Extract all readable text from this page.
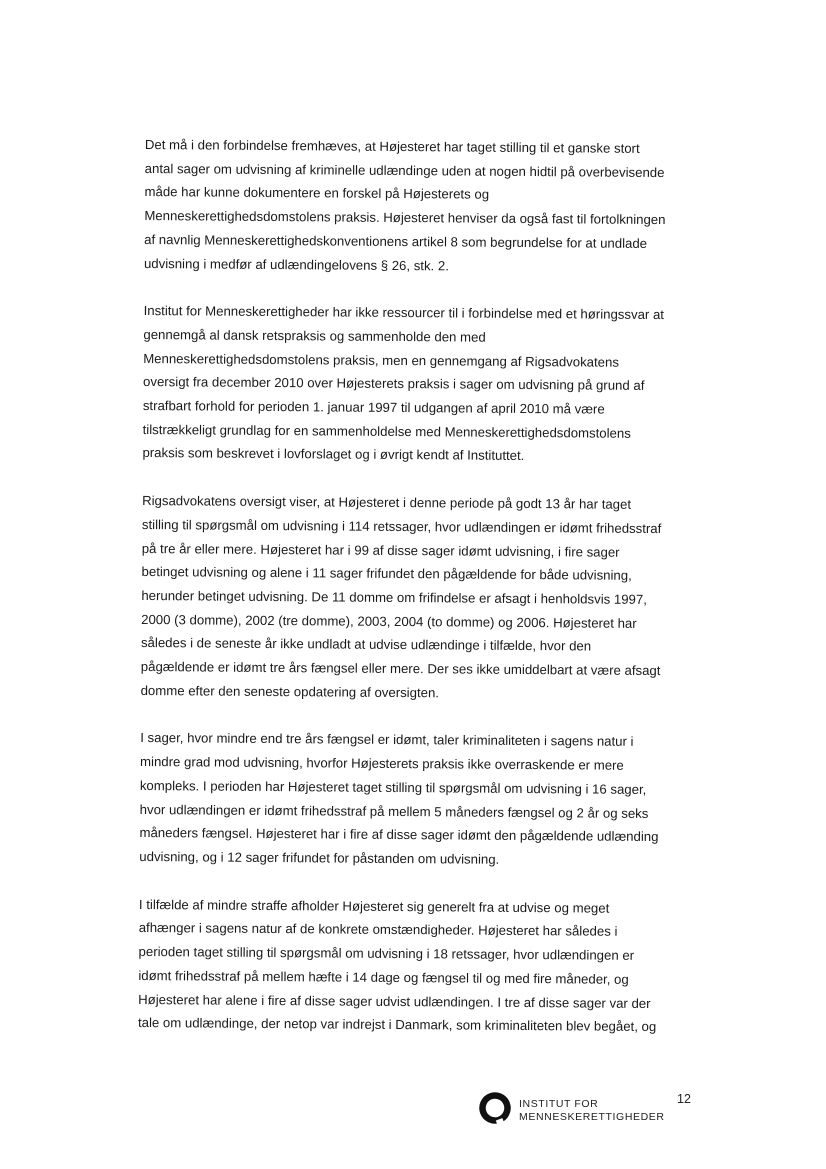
Det må i den forbindelse fremhæves, at Højesteret har taget stilling til et ganske stort
antal sager om udvisning af kriminelle udlændinge uden at nogen hidtil på overbevisende
måde har kunne dokumentere en forskel på Højesterets og
Menneskerettighedsdomstolens praksis. Højesteret henviser da også fast til fortolkningen
af navnlig Menneskerettighedskonventionens artikel 8 som begrundelse for at undlade
udvisning i medfør af udlændingelovens § 26, stk. 2.

Institut for Menneskerettigheder har ikke ressourcer til i forbindelse med et høringssvar at
gennemgå al dansk retspraksis og sammenholde den med
Menneskerettighedsdomstolens praksis, men en gennemgang af Rigsadvokatens
oversigt fra december 2010 over Højesterets praksis i sager om udvisning på grund af
strafbart forhold for perioden 1. januar 1997 til udgangen af april 2010 må være
tilstrækkeligt grundlag for en sammenholdelse med Menneskerettighedsdomstolens
praksis som beskrevet i lovforslaget og i øvrigt kendt af Instituttet.

Rigsadvokatens oversigt viser, at Højesteret i denne periode på godt 13 år har taget
stilling til spørgsmål om udvisning i 114 retssager, hvor udlændingen er idømt frihedsstraf
på tre år eller mere. Højesteret har i 99 af disse sager idømt udvisning, i fire sager
betinget udvisning og alene i 11 sager frifundet den pågældende for både udvisning,
herunder betinget udvisning. De 11 domme om frifindelse er afsagt i henholdsvis 1997,
2000 (3 domme), 2002 (tre domme), 2003, 2004 (to domme) og 2006. Højesteret har
således i de seneste år ikke undladt at udvise udlændinge i tilfælde, hvor den
pågældende er idømt tre års fængsel eller mere. Der ses ikke umiddelbart at være afsagt
domme efter den seneste opdatering af oversigten.

I sager, hvor mindre end tre års fængsel er idømt, taler kriminaliteten i sagens natur i
mindre grad mod udvisning, hvorfor Højesterets praksis ikke overraskende er mere
kompleks. I perioden har Højesteret taget stilling til spørgsmål om udvisning i 16 sager,
hvor udlændingen er idømt frihedsstraf på mellem 5 måneders fængsel og 2 år og seks
måneders fængsel. Højesteret har i fire af disse sager idømt den pågældende udlænding
udvisning, og i 12 sager frifundet for påstanden om udvisning.

I tilfælde af mindre straffe afholder Højesteret sig generelt fra at udvise og meget
afhænger i sagens natur af de konkrete omstændigheder. Højesteret har således i
perioden taget stilling til spørgsmål om udvisning i 18 retssager, hvor udlændingen er
idømt frihedsstraf på mellem hæfte i 14 dage og fængsel til og med fire måneder, og
Højesteret har alene i fire af disse sager udvist udlændingen. I tre af disse sager var der
tale om udlændinge, der netop var indrejst i Danmark, som kriminaliteten blev begået, og

INSTITUT FOR
MENNESKERETTIGHEDER
12
